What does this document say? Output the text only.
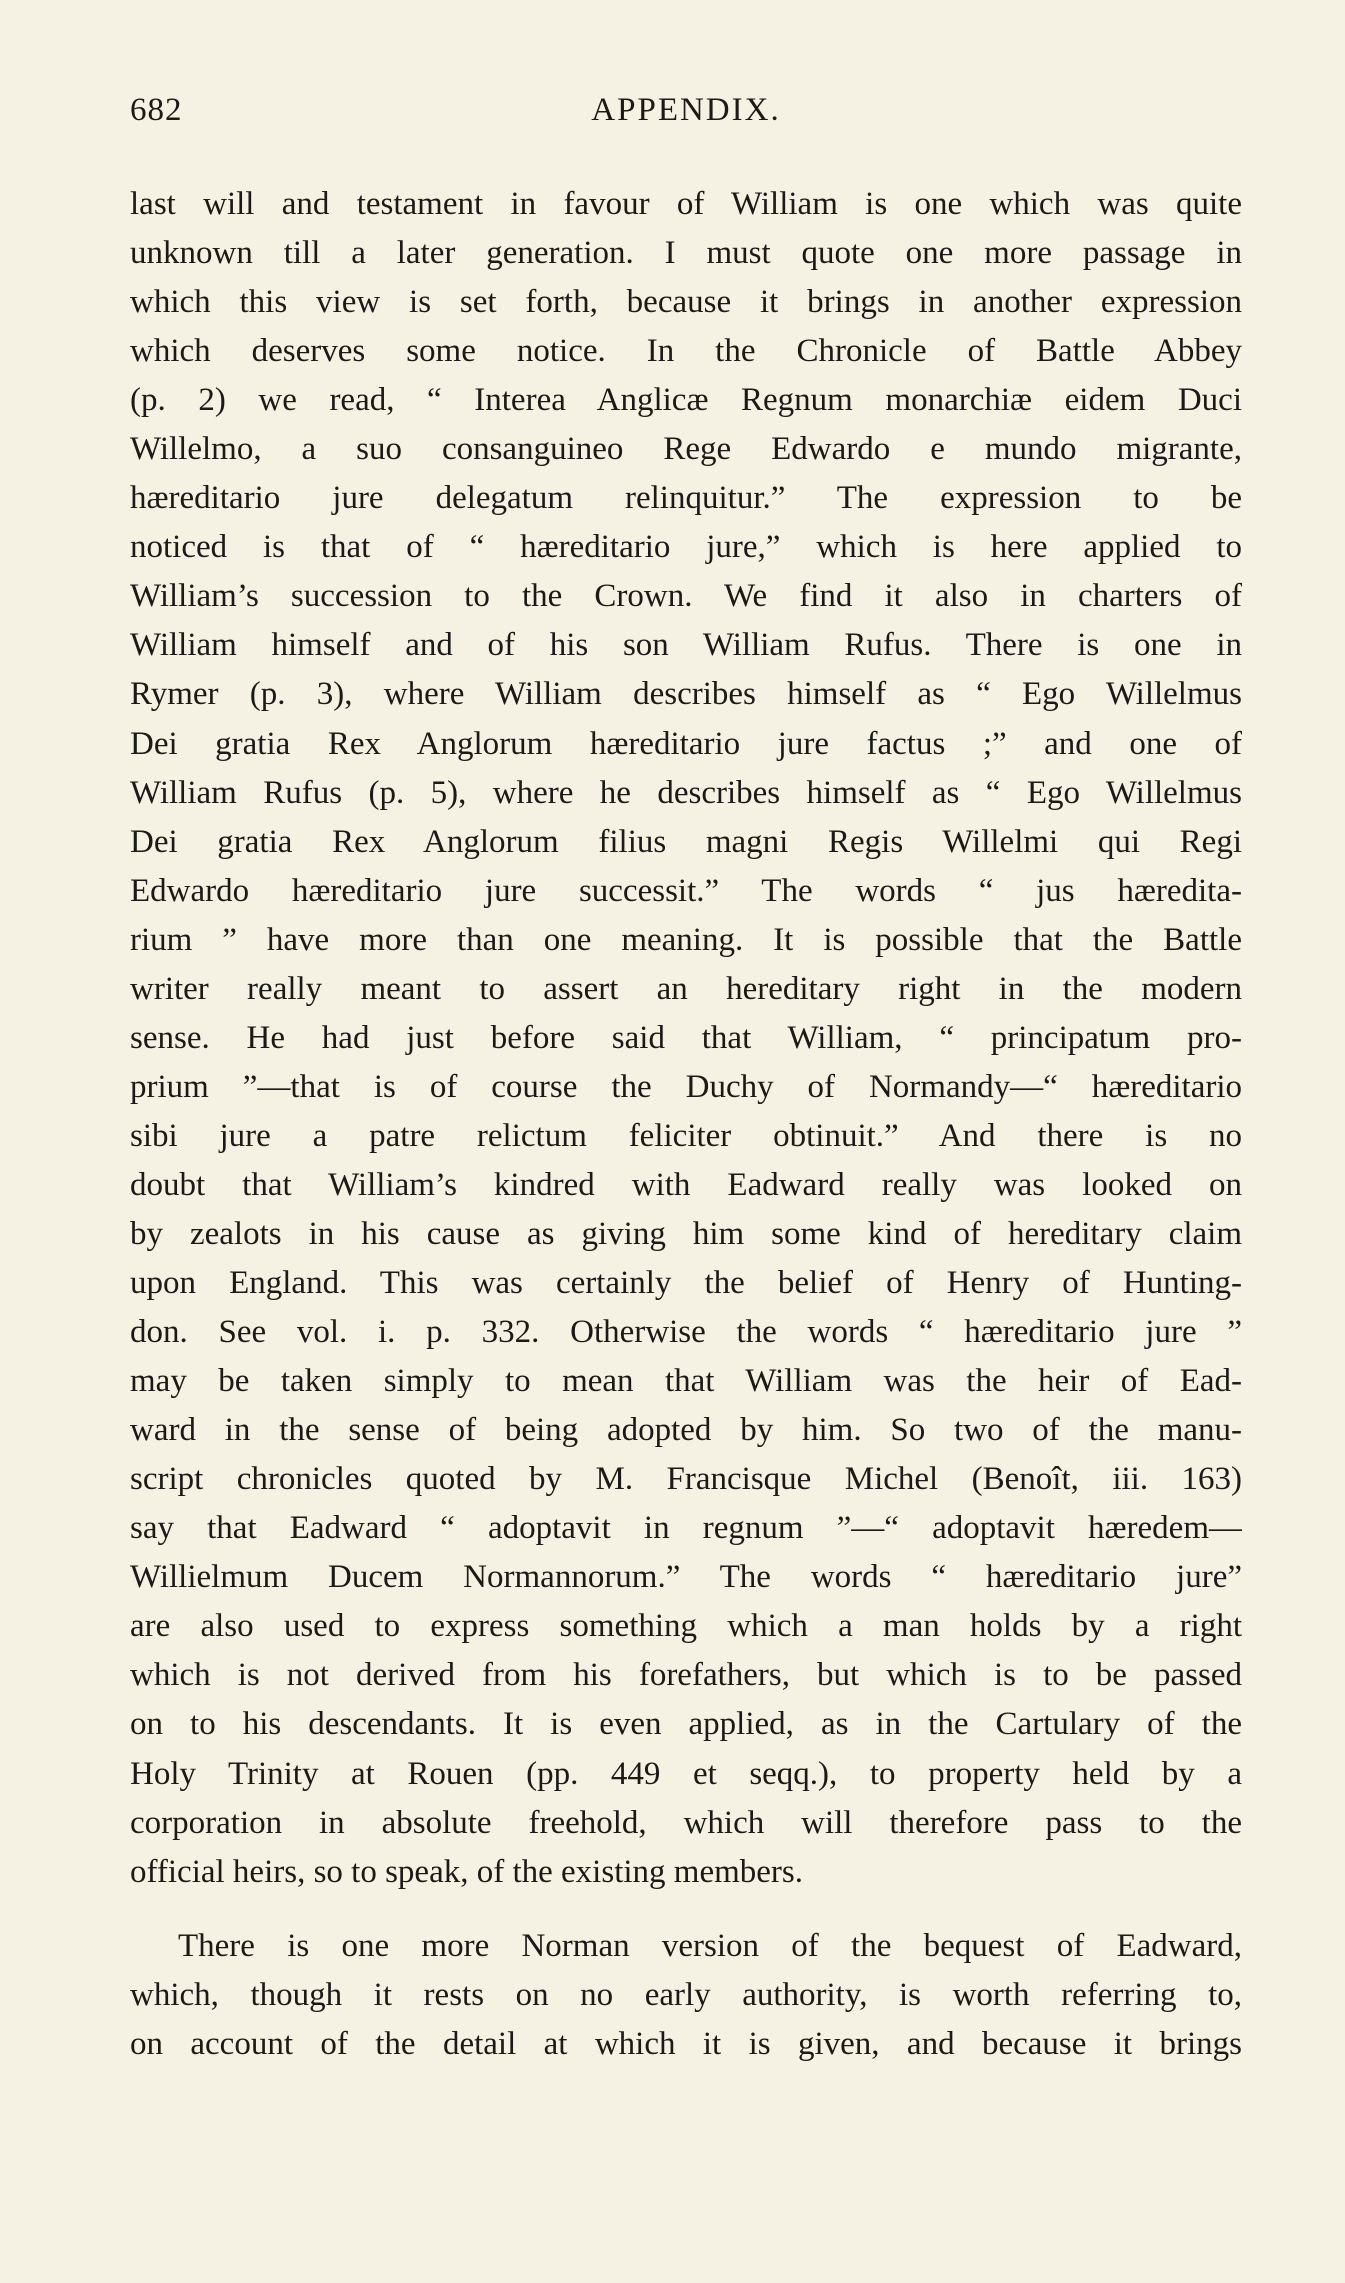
682	APPENDIX.
last will and testament in favour of William is one which was quite
unknown till a later generation. I must quote one more passage in
which this view is set forth, because it brings in another expression
which deserves some notice. In the Chronicle of Battle Abbey
(p. 2) we read, “ Interea Anglicæ Regnum monarchiæ eidem Duci
Willelmo, a suo consanguineo Rege Edwardo e mundo migrante,
hæreditario jure delegatum relinquitur.” The expression to be
noticed is that of “ hæreditario jure,” which is here applied to
William’s succession to the Crown. We find it also in charters of
William himself and of his son William Rufus. There is one in
Rymer (p. 3), where William describes himself as “ Ego Willelmus
Dei gratia Rex Anglorum hæreditario jure factus ;” and one of
William Rufus (p. 5), where he describes himself as “ Ego Willelmus
Dei gratia Rex Anglorum filius magni Regis Willelmi qui Regi
Edwardo hæreditario jure successit.” The words “ jus hæredita-
rium ” have more than one meaning. It is possible that the Battle
writer really meant to assert an hereditary right in the modern
sense. He had just before said that William, “ principatum pro-
prium ”—that is of course the Duchy of Normandy—“ hæreditario
sibi jure a patre relictum feliciter obtinuit.” And there is no
doubt that William’s kindred with Eadward really was looked on
by zealots in his cause as giving him some kind of hereditary claim
upon England. This was certainly the belief of Henry of Hunting-
don. See vol. i. p. 332. Otherwise the words “ hæreditario jure ”
may be taken simply to mean that William was the heir of Ead-
ward in the sense of being adopted by him. So two of the manu-
script chronicles quoted by M. Francisque Michel (Benoît, iii. 163)
say that Eadward “ adoptavit in regnum ”—“ adoptavit hæredem—
Willielmum Ducem Normannorum.” The words “ hæreditario jure”
are also used to express something which a man holds by a right
which is not derived from his forefathers, but which is to be passed
on to his descendants. It is even applied, as in the Cartulary of the
Holy Trinity at Rouen (pp. 449 et seqq.), to property held by a
corporation in absolute freehold, which will therefore pass to the
official heirs, so to speak, of the existing members.
There is one more Norman version of the bequest of Eadward,
which, though it rests on no early authority, is worth referring to,
on account of the detail at which it is given, and because it brings
